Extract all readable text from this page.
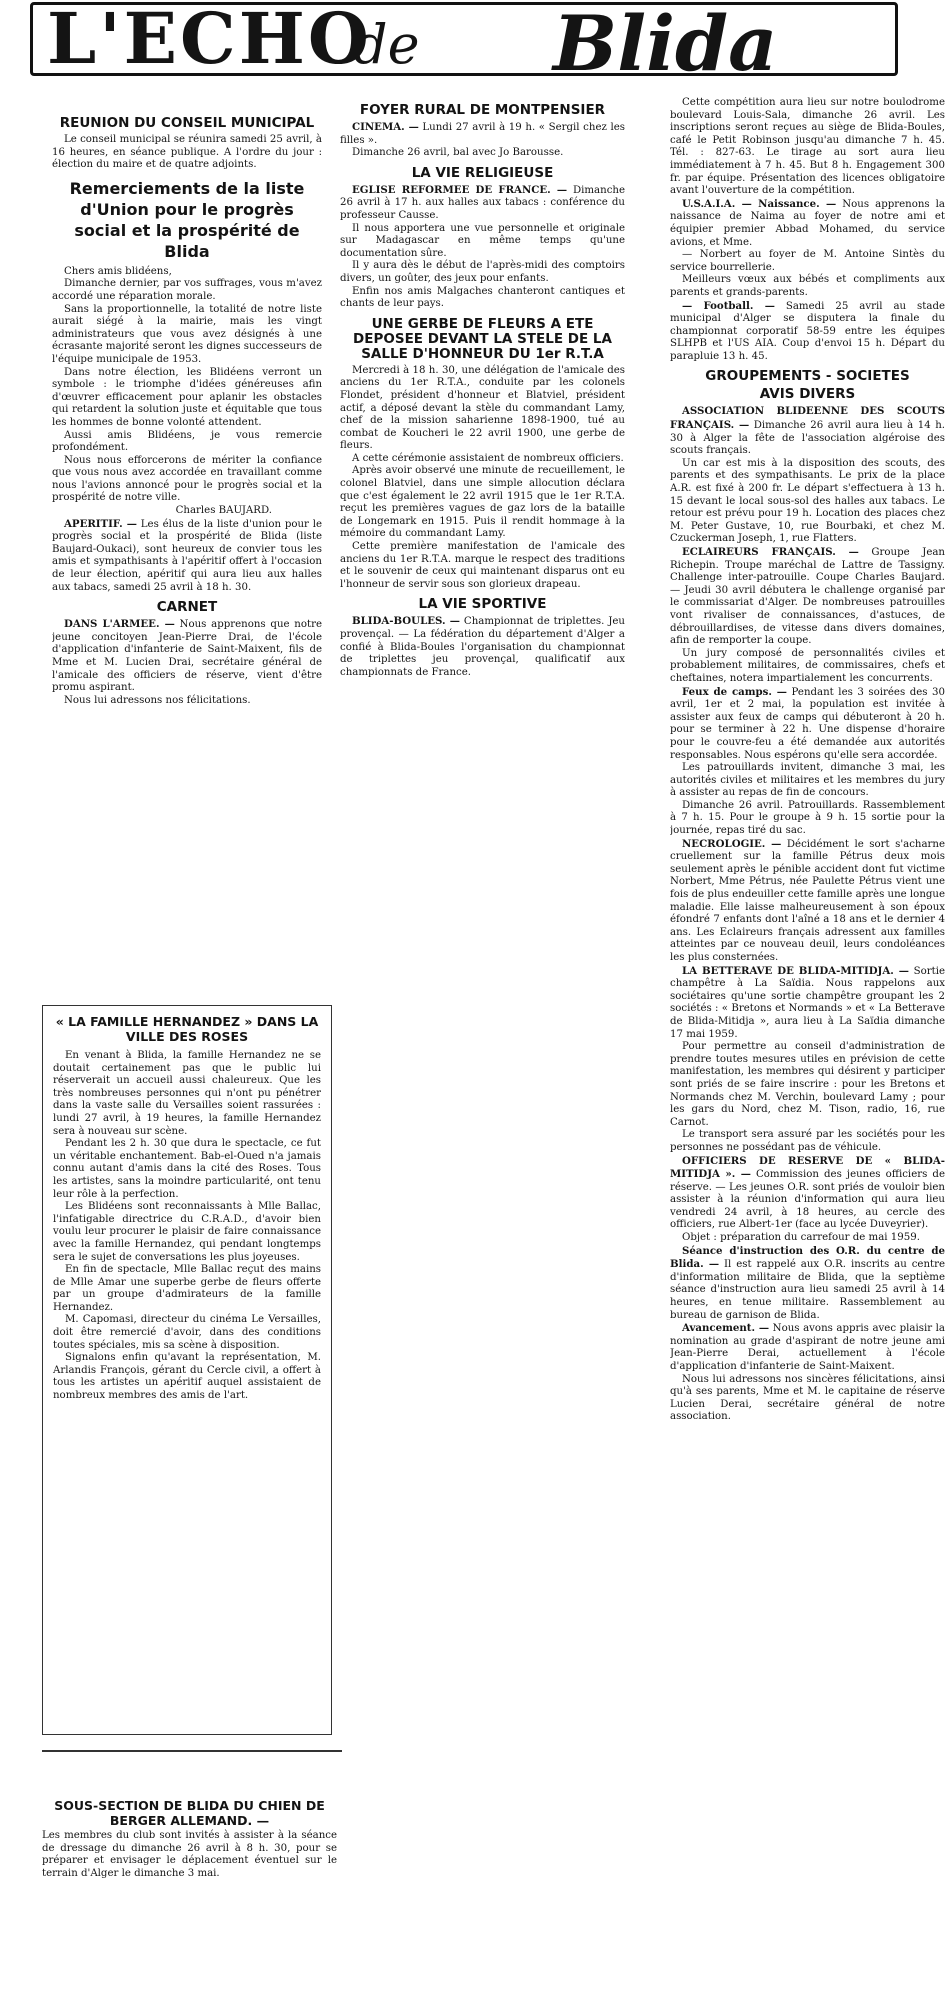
L'ECHO
de Blida
REUNION DU CONSEIL MUNICIPAL

Le conseil municipal se réunira samedi 25 avril, à 16 heures, en séance publique. A l'ordre du jour : élection du maire et de quatre adjoints.

Remerciements de la liste d'Union pour le progrès social et la prospérité de Blida

Chers amis blidéens,

Dimanche dernier, par vos suffrages, vous m'avez accordé une réparation morale.

Sans la proportionnelle, la totalité de notre liste aurait siégé à la mairie, mais les vingt administrateurs que vous avez désignés à une écrasante majorité seront les dignes successeurs de l'équipe municipale de 1953.

Dans notre élection, les Blidéens verront un symbole : le triomphe d'idées généreuses afin d'œuvrer efficacement pour aplanir les obstacles qui retardent la solution juste et équitable que tous les hommes de bonne volonté attendent.

Aussi amis Blidéens, je vous remercie profondément.

Nous nous efforcerons de mériter la confiance que vous nous avez accordée en travaillant comme nous l'avions annoncé pour le progrès social et la prospérité de notre ville.

Charles BAUJARD.

APERITIF. — Les élus de la liste d'union pour le progrès social et la prospérité de Blida (liste Baujard-Oukaci), sont heureux de convier tous les amis et sympathisants à l'apéritif offert à l'occasion de leur élection, apéritif qui aura lieu aux halles aux tabacs, samedi 25 avril à 18 h. 30.

CARNET

DANS L'ARMEE. — Nous apprenons que notre jeune concitoyen Jean-Pierre Drai, de l'école d'application d'infanterie de Saint-Maixent, fils de Mme et M. Lucien Drai, secrétaire général de l'amicale des officiers de réserve, vient d'être promu aspirant.

Nous lui adressons nos félicitations.

FOYER RURAL DE MONTPENSIER

CINEMA. — Lundi 27 avril à 19 h. « Sergil chez les filles ».

Dimanche 26 avril, bal avec Jo Barousse.

LA VIE RELIGIEUSE

EGLISE REFORMEE DE FRANCE. — Dimanche 26 avril à 17 h. aux halles aux tabacs : conférence du professeur Causse.

Il nous apportera une vue personnelle et originale sur Madagascar en même temps qu'une documentation sûre.

Il y aura dès le début de l'après-midi des comptoirs divers, un goûter, des jeux pour enfants.

Enfin nos amis Malgaches chanteront cantiques et chants de leur pays.

UNE GERBE DE FLEURS A ETE DEPOSEE DEVANT LA STELE DE LA SALLE D'HONNEUR DU 1er R.T.A

Mercredi à 18 h. 30, une délégation de l'amicale des anciens du 1er R.T.A., conduite par les colonels Flondet, président d'honneur et Blatviel, président actif, a déposé devant la stèle du commandant Lamy, chef de la mission saharienne 1898-1900, tué au combat de Koucheri le 22 avril 1900, une gerbe de fleurs.

A cette cérémonie assistaient de nombreux officiers.

Après avoir observé une minute de recueillement, le colonel Blatviel, dans une simple allocution déclara que c'est également le 22 avril 1915 que le 1er R.T.A. reçut les premières vagues de gaz lors de la bataille de Longemark en 1915. Puis il rendit hommage à la mémoire du commandant Lamy.

Cette première manifestation de l'amicale des anciens du 1er R.T.A. marque le respect des traditions et le souvenir de ceux qui maintenant disparus ont eu l'honneur de servir sous son glorieux drapeau.

LA VIE SPORTIVE

BLIDA-BOULES. — Championnat de triplettes. Jeu provençal. — La fédération du département d'Alger a confié à Blida-Boules l'organisation du championnat de triplettes jeu provençal, qualificatif aux championnats de France.

Cette compétition aura lieu sur notre boulodrome boulevard Louis-Sala, dimanche 26 avril. Les inscriptions seront reçues au siège de Blida-Boules, café le Petit Robinson jusqu'au dimanche 7 h. 45. Tél. : 827-63. Le tirage au sort aura lieu immédiatement à 7 h. 45. But 8 h. Engagement 300 fr. par équipe. Présentation des licences obligatoire avant l'ouverture de la compétition.

U.S.A.I.A. — Naissance. — Nous apprenons la naissance de Naima au foyer de notre ami et équipier premier Abbad Mohamed, du service avions, et Mme.

— Norbert au foyer de M. Antoine Sintès du service bourrellerie.

Meilleurs vœux aux bébés et compliments aux parents et grands-parents.

— Football. — Samedi 25 avril au stade municipal d'Alger se disputera la finale du championnat corporatif 58-59 entre les équipes SLHPB et l'US AIA. Coup d'envoi 15 h. Départ du parapluie 13 h. 45.

GROUPEMENTS - SOCIETES
AVIS DIVERS

ASSOCIATION BLIDEENNE DES SCOUTS FRANÇAIS. — Dimanche 26 avril aura lieu à 14 h. 30 à Alger la fête de l'association algéroise des scouts français.

Un car est mis à la disposition des scouts, des parents et des sympathisants. Le prix de la place A.R. est fixé à 200 fr. Le départ s'effectuera à 13 h. 15 devant le local sous-sol des halles aux tabacs. Le retour est prévu pour 19 h. Location des places chez M. Peter Gustave, 10, rue Bourbaki, et chez M. Czuckerman Joseph, 1, rue Flatters.

ECLAIREURS FRANÇAIS. — Groupe Jean Richepin. Troupe maréchal de Lattre de Tassigny. Challenge inter-patrouille. Coupe Charles Baujard. — Jeudi 30 avril débutera le challenge organisé par le commissariat d'Alger. De nombreuses patrouilles vont rivaliser de connaissances, d'astuces, de débrouillardises, de vitesse dans divers domaines, afin de remporter la coupe.

Un jury composé de personnalités civiles et probablement militaires, de commissaires, chefs et cheftaines, notera impartialement les concurrents.

Feux de camps. — Pendant les 3 soirées des 30 avril, 1er et 2 mai, la population est invitée à assister aux feux de camps qui débuteront à 20 h. pour se terminer à 22 h. Une dispense d'horaire pour le couvre-feu a été demandée aux autorités responsables. Nous espérons qu'elle sera accordée.

Les patrouillards invitent, dimanche 3 mai, les autorités civiles et militaires et les membres du jury à assister au repas de fin de concours.

Dimanche 26 avril. Patrouillards. Rassemblement à 7 h. 15. Pour le groupe à 9 h. 15 sortie pour la journée, repas tiré du sac.

NECROLOGIE. — Décidément le sort s'acharne cruellement sur la famille Pétrus deux mois seulement après le pénible accident dont fut victime Norbert, Mme Pétrus, née Paulette Pétrus vient une fois de plus endeuiller cette famille après une longue maladie. Elle laisse malheureusement à son époux éfondré 7 enfants dont l'aîné a 18 ans et le dernier 4 ans. Les Eclaireurs français adressent aux familles atteintes par ce nouveau deuil, leurs condoléances les plus consternées.

LA BETTERAVE DE BLIDA-MITIDJA. — Sortie champêtre à La Saïdia. Nous rappelons aux sociétaires qu'une sortie champêtre groupant les 2 sociétés : « Bretons et Normands » et « La Betterave de Blida-Mitidja », aura lieu à La Saïdia dimanche 17 mai 1959.

Pour permettre au conseil d'administration de prendre toutes mesures utiles en prévision de cette manifestation, les membres qui désirent y participer sont priés de se faire inscrire : pour les Bretons et Normands chez M. Verchin, boulevard Lamy ; pour les gars du Nord, chez M. Tison, radio, 16, rue Carnot.

Le transport sera assuré par les sociétés pour les personnes ne possédant pas de véhicule.

OFFICIERS DE RESERVE DE « BLIDA-MITIDJA ». — Commission des jeunes officiers de réserve. — Les jeunes O.R. sont priés de vouloir bien assister à la réunion d'information qui aura lieu vendredi 24 avril, à 18 heures, au cercle des officiers, rue Albert-1er (face au lycée Duveyrier).

Objet : préparation du carrefour de mai 1959.

Séance d'instruction des O.R. du centre de Blida. — Il est rappelé aux O.R. inscrits au centre d'information militaire de Blida, que la septième séance d'instruction aura lieu samedi 25 avril à 14 heures, en tenue militaire. Rassemblement au bureau de garnison de Blida.

Avancement. — Nous avons appris avec plaisir la nomination au grade d'aspirant de notre jeune ami Jean-Pierre Derai, actuellement à l'école d'application d'infanterie de Saint-Maixent.

Nous lui adressons nos sincères félicitations, ainsi qu'à ses parents, Mme et M. le capitaine de réserve Lucien Derai, secrétaire général de notre association.

« LA FAMILLE HERNANDEZ » DANS LA VILLE DES ROSES

En venant à Blida, la famille Hernandez ne se doutait certainement pas que le public lui réserverait un accueil aussi chaleureux. Que les très nombreuses personnes qui n'ont pu pénétrer dans la vaste salle du Versailles soient rassurées : lundi 27 avril, à 19 heures, la famille Hernandez sera à nouveau sur scène.

Pendant les 2 h. 30 que dura le spectacle, ce fut un véritable enchantement. Bab-el-Oued n'a jamais connu autant d'amis dans la cité des Roses. Tous les artistes, sans la moindre particularité, ont tenu leur rôle à la perfection.

Les Blidéens sont reconnaissants à Mlle Ballac, l'infatigable directrice du C.R.A.D., d'avoir bien voulu leur procurer le plaisir de faire connaissance avec la famille Hernandez, qui pendant longtemps sera le sujet de conversations les plus joyeuses.

En fin de spectacle, Mlle Ballac reçut des mains de Mlle Amar une superbe gerbe de fleurs offerte par un groupe d'admirateurs de la famille Hernandez.

M. Capomasi, directeur du cinéma Le Versailles, doit être remercié d'avoir, dans des conditions toutes spéciales, mis sa scène à disposition.

Signalons enfin qu'avant la représentation, M. Arlandis François, gérant du Cercle civil, a offert à tous les artistes un apéritif auquel assistaient de nombreux membres des amis de l'art.

SOUS-SECTION DE BLIDA DU CHIEN DE BERGER ALLEMAND. —

Les membres du club sont invités à assister à la séance de dressage du dimanche 26 avril à 8 h. 30, pour se préparer et envisager le déplacement éventuel sur le terrain d'Alger le dimanche 3 mai.
